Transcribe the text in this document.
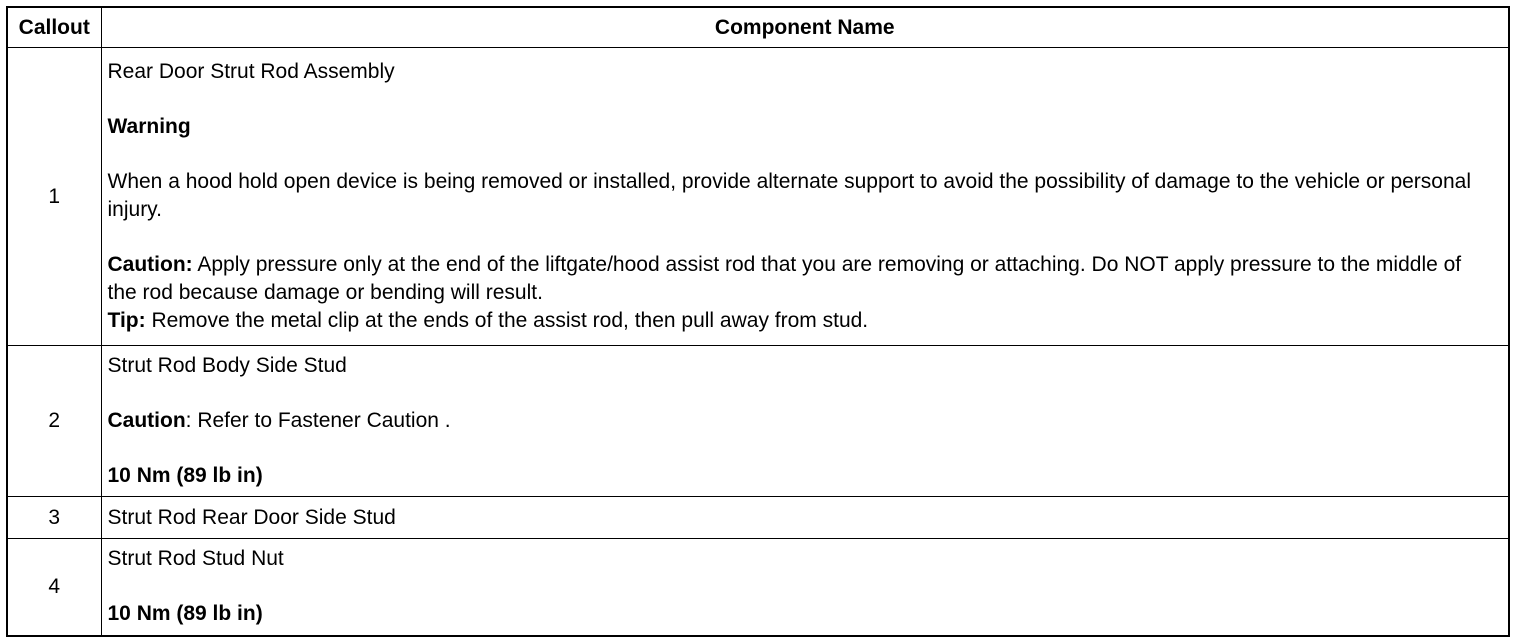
Callout	Component Name
1	Rear Door Strut Rod Assembly
Warning
When a hood hold open device is being removed or installed, provide alternate support to avoid the possibility of damage to the vehicle or personal injury.
Caution: Apply pressure only at the end of the liftgate/hood assist rod that you are removing or attaching. Do NOT apply pressure to the middle of the rod because damage or bending will result.
Tip: Remove the metal clip at the ends of the assist rod, then pull away from stud.

2	Strut Rod Body Side Stud
Caution: Refer to Fastener Caution .
10 Nm (89 lb in)

3	Strut Rod Rear Door Side Stud

4	Strut Rod Stud Nut
10 Nm (89 lb in)
